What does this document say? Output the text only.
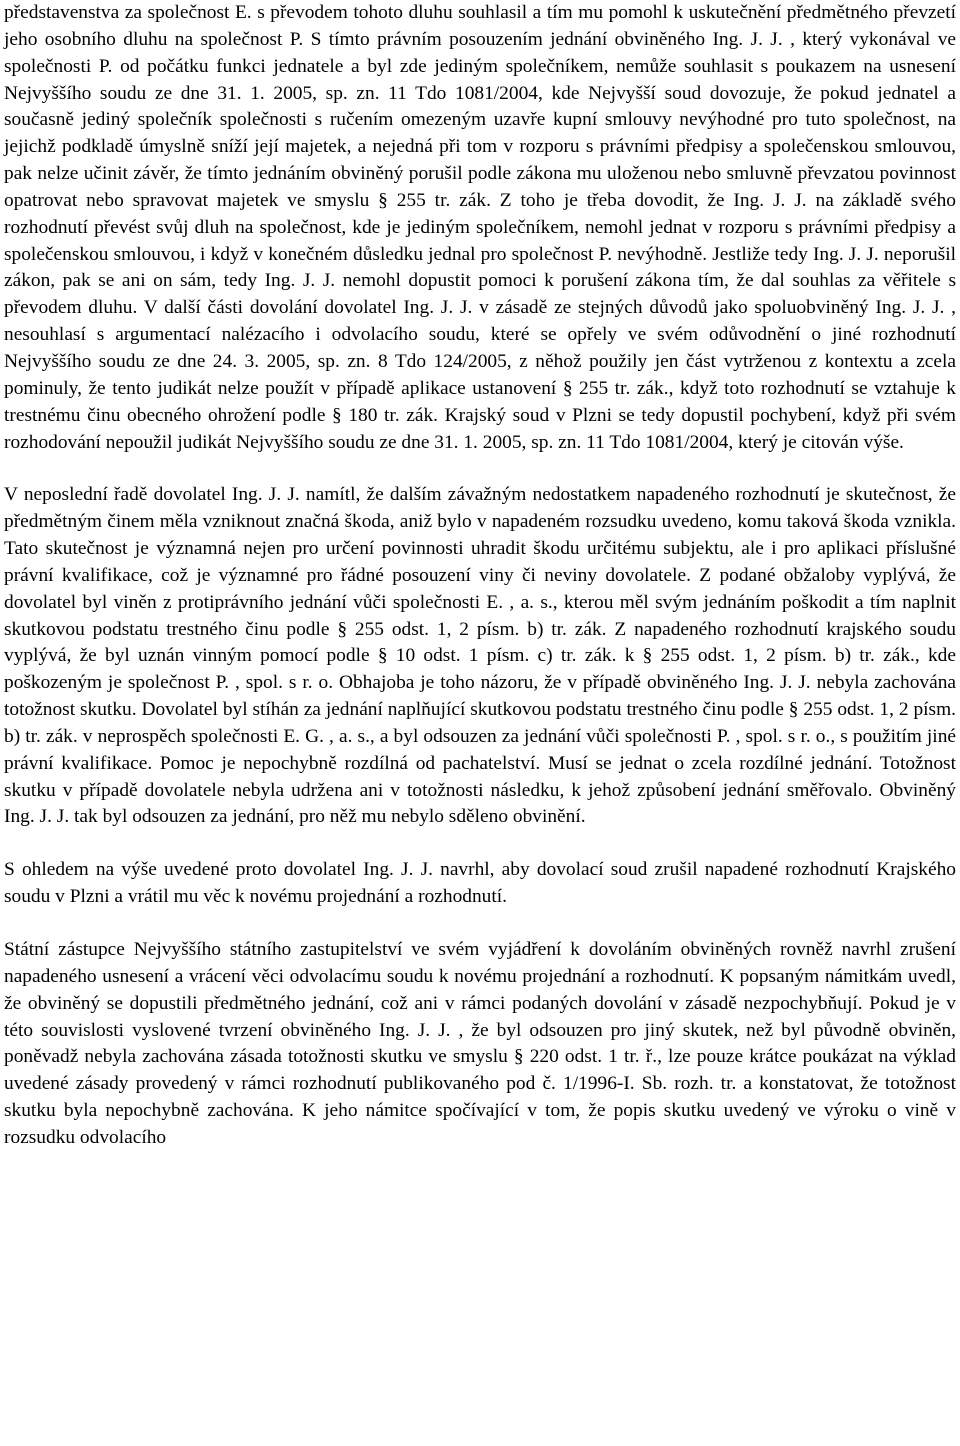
představenstva za společnost E. s převodem tohoto dluhu souhlasil a tím mu pomohl k uskutečnění předmětného převzetí jeho osobního dluhu na společnost P. S tímto právním posouzením jednání obviněného Ing. J. J. , který vykonával ve společnosti P. od počátku funkci jednatele a byl zde jediným společníkem, nemůže souhlasit s poukazem na usnesení Nejvyššího soudu ze dne 31. 1. 2005, sp. zn. 11 Tdo 1081/2004, kde Nejvyšší soud dovozuje, že pokud jednatel a současně jediný společník společnosti s ručením omezeným uzavře kupní smlouvy nevýhodné pro tuto společnost, na jejichž podkladě úmyslně sníží její majetek, a nejedná při tom v rozporu s právními předpisy a společenskou smlouvou, pak nelze učinit závěr, že tímto jednáním obviněný porušil podle zákona mu uloženou nebo smluvně převzatou povinnost opatrovat nebo spravovat majetek ve smyslu § 255 tr. zák. Z toho je třeba dovodit, že Ing. J. J. na základě svého rozhodnutí převést svůj dluh na společnost, kde je jediným společníkem, nemohl jednat v rozporu s právními předpisy a společenskou smlouvou, i když v konečném důsledku jednal pro společnost P. nevýhodně. Jestliže tedy Ing. J. J. neporušil zákon, pak se ani on sám, tedy Ing. J. J. nemohl dopustit pomoci k porušení zákona tím, že dal souhlas za věřitele s převodem dluhu. V další části dovolání dovolatel Ing. J. J. v zásadě ze stejných důvodů jako spoluobviněný Ing. J. J. , nesouhlasí s argumentací nalézacího i odvolacího soudu, které se opřely ve svém odůvodnění o jiné rozhodnutí Nejvyššího soudu ze dne 24. 3. 2005, sp. zn. 8 Tdo 124/2005, z něhož použily jen část vytrženou z kontextu a zcela pominuly, že tento judikát nelze použít v případě aplikace ustanovení § 255 tr. zák., když toto rozhodnutí se vztahuje k trestnému činu obecného ohrožení podle § 180 tr. zák. Krajský soud v Plzni se tedy dopustil pochybení, když při svém rozhodování nepoužil judikát Nejvyššího soudu ze dne 31. 1. 2005, sp. zn. 11 Tdo 1081/2004, který je citován výše.

V neposlední řadě dovolatel Ing. J. J. namítl, že dalším závažným nedostatkem napadeného rozhodnutí je skutečnost, že předmětným činem měla vzniknout značná škoda, aniž bylo v napadeném rozsudku uvedeno, komu taková škoda vznikla. Tato skutečnost je významná nejen pro určení povinnosti uhradit škodu určitému subjektu, ale i pro aplikaci příslušné právní kvalifikace, což je významné pro řádné posouzení viny či neviny dovolatele. Z podané obžaloby vyplývá, že dovolatel byl viněn z protiprávního jednání vůči společnosti E. , a. s., kterou měl svým jednáním poškodit a tím naplnit skutkovou podstatu trestného činu podle § 255 odst. 1, 2 písm. b) tr. zák. Z napadeného rozhodnutí krajského soudu vyplývá, že byl uznán vinným pomocí podle § 10 odst. 1 písm. c) tr. zák. k § 255 odst. 1, 2 písm. b) tr. zák., kde poškozeným je společnost P. , spol. s r. o. Obhajoba je toho názoru, že v případě obviněného Ing. J. J. nebyla zachována totožnost skutku. Dovolatel byl stíhán za jednání naplňující skutkovou podstatu trestného činu podle § 255 odst. 1, 2 písm. b) tr. zák. v neprospěch společnosti E. G. , a. s., a byl odsouzen za jednání vůči společnosti P. , spol. s r. o., s použitím jiné právní kvalifikace. Pomoc je nepochybně rozdílná od pachatelství. Musí se jednat o zcela rozdílné jednání. Totožnost skutku v případě dovolatele nebyla udržena ani v totožnosti následku, k jehož způsobení jednání směřovalo. Obviněný Ing. J. J. tak byl odsouzen za jednání, pro něž mu nebylo sděleno obvinění.

S ohledem na výše uvedené proto dovolatel Ing. J. J. navrhl, aby dovolací soud zrušil napadené rozhodnutí Krajského soudu v Plzni a vrátil mu věc k novému projednání a rozhodnutí.

Státní zástupce Nejvyššího státního zastupitelství ve svém vyjádření k dovoláním obviněných rovněž navrhl zrušení napadeného usnesení a vrácení věci odvolacímu soudu k novému projednání a rozhodnutí. K popsaným námitkám uvedl, že obviněný se dopustili předmětného jednání, což ani v rámci podaných dovolání v zásadě nezpochybňují. Pokud je v této souvislosti vyslovené tvrzení obviněného Ing. J. J. , že byl odsouzen pro jiný skutek, než byl původně obviněn, poněvadž nebyla zachována zásada totožnosti skutku ve smyslu § 220 odst. 1 tr. ř., lze pouze krátce poukázat na výklad uvedené zásady provedený v rámci rozhodnutí publikovaného pod č. 1/1996-I. Sb. rozh. tr. a konstatovat, že totožnost skutku byla nepochybně zachována. K jeho námitce spočívající v tom, že popis skutku uvedený ve výroku o vině v rozsudku odvolacího
